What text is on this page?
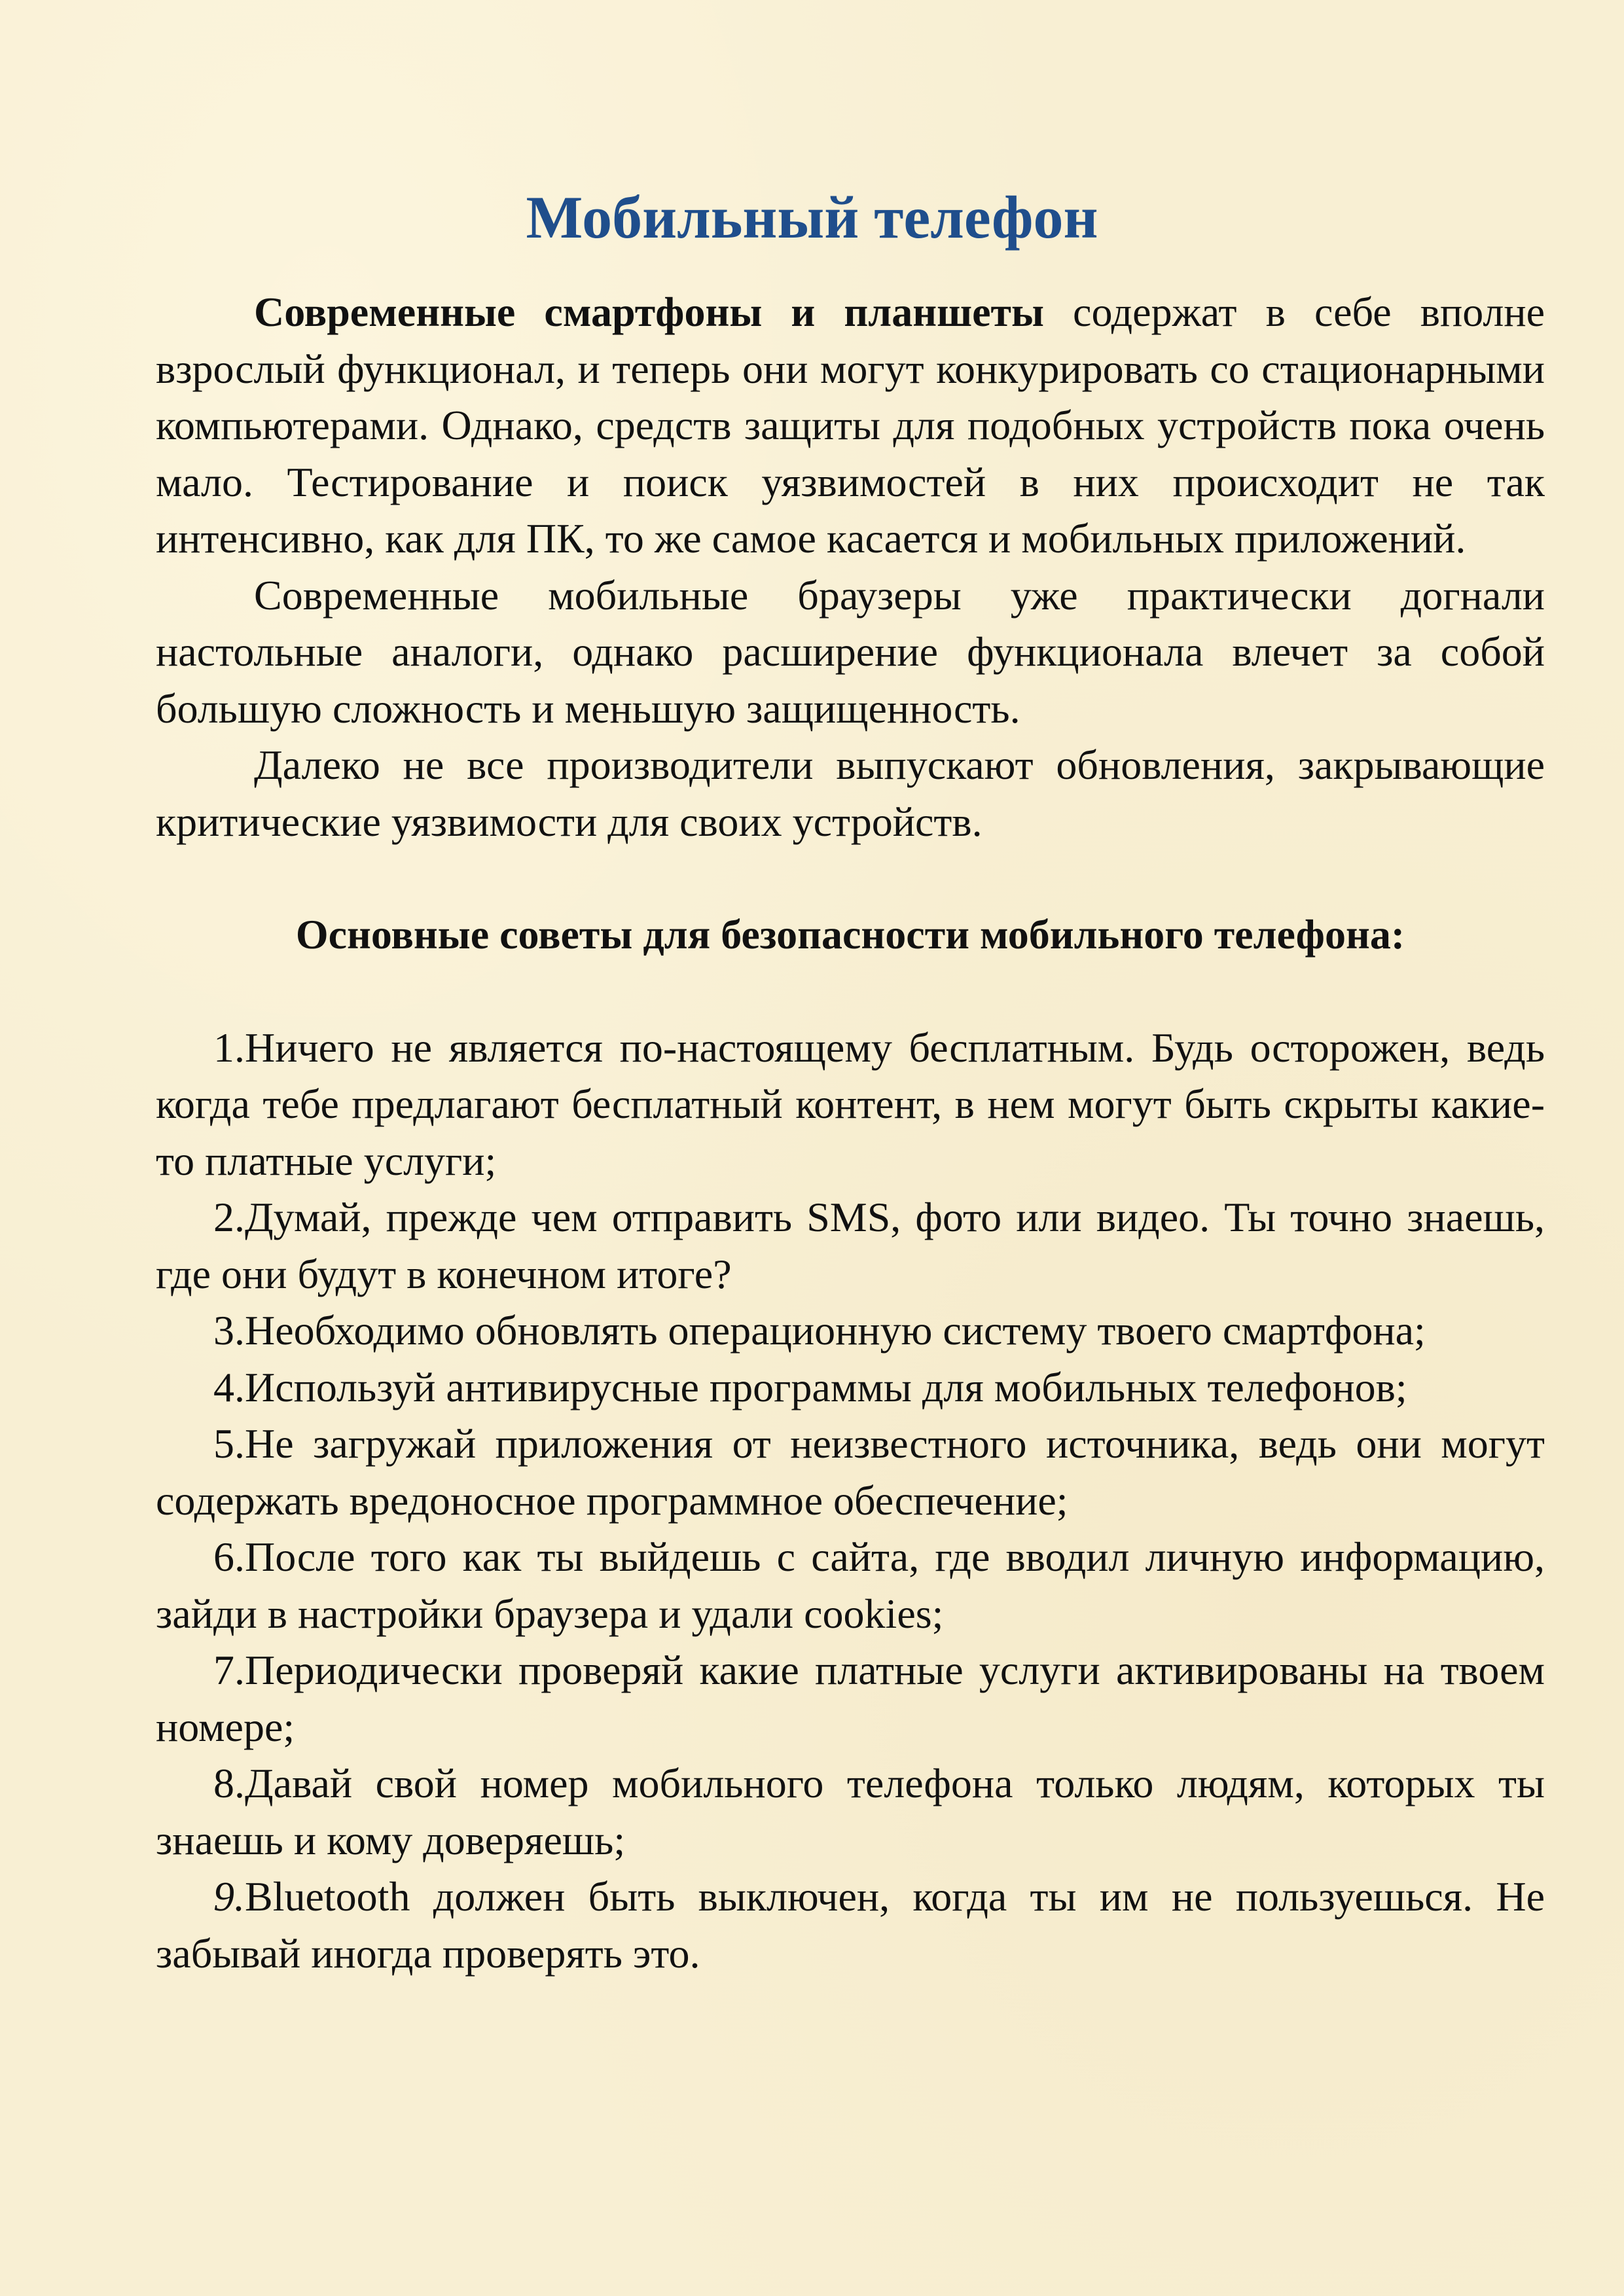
Мобильный телефон

Современные смартфоны и планшеты содержат в себе вполне взрослый функционал, и теперь они могут конкурировать со стационарными компьютерами. Однако, средств защиты для подобных устройств пока очень мало. Тестирование и поиск уязвимостей в них происходит не так интенсивно, как для ПК, то же самое касается и мобильных приложений.

Современные мобильные браузеры уже практически догнали настольные аналоги, однако расширение функционала влечет за собой большую сложность и меньшую защищенность.

Далеко не все производители выпускают обновления, закрывающие критические уязвимости для своих устройств.

Основные советы для безопасности мобильного телефона:

1.Ничего не является по-настоящему бесплатным. Будь осторожен, ведь когда тебе предлагают бесплатный контент, в нем могут быть скрыты какие-то платные услуги;

2.Думай, прежде чем отправить SMS, фото или видео. Ты точно знаешь, где они будут в конечном итоге?

3.Необходимо обновлять операционную систему твоего смартфона;

4.Используй антивирусные программы для мобильных телефонов;

5.Не загружай приложения от неизвестного источника, ведь они могут содержать вредоносное программное обеспечение;

6.После того как ты выйдешь с сайта, где вводил личную информацию, зайди в настройки браузера и удали cookies;

7.Периодически проверяй какие платные услуги активированы на твоем номере;

8.Давай свой номер мобильного телефона только людям, которых ты знаешь и кому доверяешь;

9.Bluetooth должен быть выключен, когда ты им не пользуешься. Не забывай иногда проверять это.
